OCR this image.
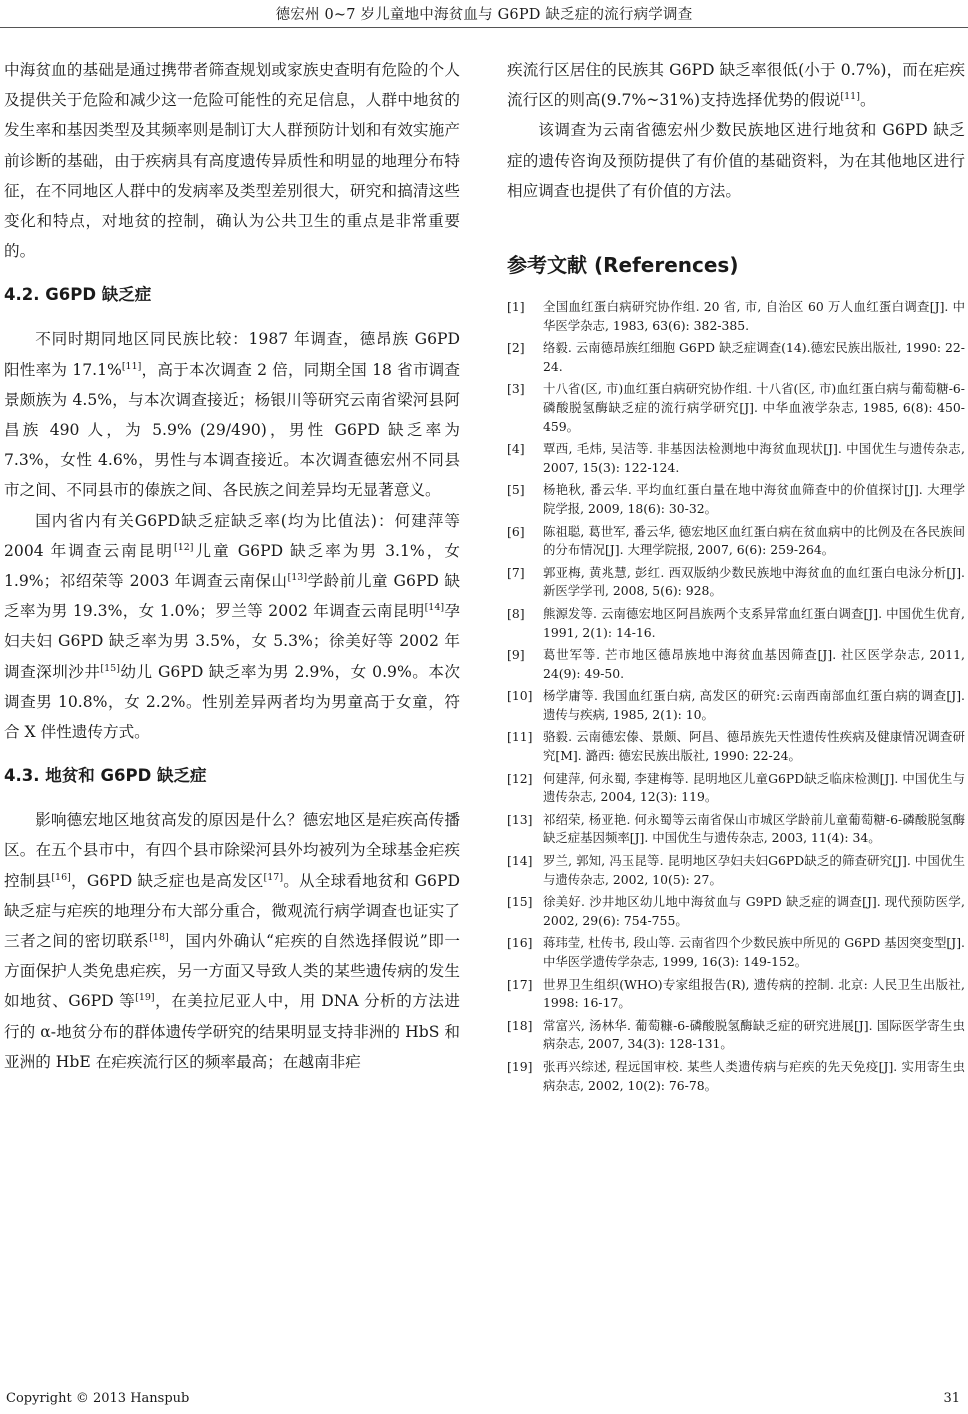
德宏州 0~7 岁儿童地中海贫血与 G6PD 缺乏症的流行病学调查

中海贫血的基础是通过携带者筛查规划或家族史查明有危险的个人及提供关于危险和减少这一危险可能性的充足信息，人群中地贫的发生率和基因类型及其频率则是制订大人群预防计划和有效实施产前诊断的基础，由于疾病具有高度遗传异质性和明显的地理分布特征，在不同地区人群中的发病率及类型差别很大，研究和搞清这些变化和特点，对地贫的控制，确认为公共卫生的重点是非常重要的。

4.2. G6PD 缺乏症

不同时期同地区同民族比较：1987 年调查，德昂族 G6PD 阳性率为 17.1%[11]，高于本次调查 2 倍，同期全国 18 省市调查景颇族为 4.5%，与本次调查接近；杨银川等研究云南省梁河县阿昌族 490 人，为 5.9% (29/490)，男性 G6PD 缺乏率为 7.3%，女性 4.6%，男性与本调查接近。本次调查德宏州不同县市之间、不同县市的傣族之间、各民族之间差异均无显著意义。

国内省内有关G6PD缺乏症缺乏率(均为比值法)：何建萍等 2004 年调查云南昆明[12]儿童 G6PD 缺乏率为男 3.1%，女 1.9%；祁绍荣等 2003 年调查云南保山[13]学龄前儿童 G6PD 缺乏率为男 19.3%，女 1.0%；罗兰等 2002 年调查云南昆明[14]孕妇夫妇 G6PD 缺乏率为男 3.5%，女 5.3%；徐美好等 2002 年调查深圳沙井[15]幼儿 G6PD 缺乏率为男 2.9%，女 0.9%。本次调查男 10.8%，女 2.2%。性别差异两者均为男童高于女童，符合 X 伴性遗传方式。

4.3. 地贫和 G6PD 缺乏症

影响德宏地区地贫高发的原因是什么？德宏地区是疟疾高传播区。在五个县市中，有四个县市除梁河县外均被列为全球基金疟疾控制县[16]，G6PD 缺乏症也是高发区[17]。从全球看地贫和 G6PD 缺乏症与疟疾的地理分布大部分重合，微观流行病学调查也证实了三者之间的密切联系[18]，国内外确认“疟疾的自然选择假说”即一方面保护人类免患疟疾，另一方面又导致人类的某些遗传病的发生如地贫、G6PD 等[19]，在美拉尼亚人中，用 DNA 分析的方法进行的 α-地贫分布的群体遗传学研究的结果明显支持非洲的 HbS 和亚洲的 HbE 在疟疾流行区的频率最高；在越南非疟

疾流行区居住的民族其 G6PD 缺乏率很低(小于 0.7%)，而在疟疾流行区的则高(9.7%~31%)支持选择优势的假说[11]。

该调查为云南省德宏州少数民族地区进行地贫和 G6PD 缺乏症的遗传咨询及预防提供了有价值的基础资料，为在其他地区进行相应调查也提供了有价值的方法。

参考文献 (References)
[1]	全国血红蛋白病研究协作组. 20 省, 市, 自治区 60 万人血红蛋白调查[J]. 中华医学杂志, 1983, 63(6): 382-385.
[2]	络毅. 云南德昂族红细胞 G6PD 缺乏症调查(14).德宏民族出版社, 1990: 22-24.
[3]	十八省(区, 市)血红蛋白病研究协作组. 十八省(区, 市)血红蛋白病与葡萄糖-6-磷酸脱氢酶缺乏症的流行病学研究[J]. 中华血液学杂志, 1985, 6(8): 450-459。
[4]	覃西, 毛炜, 吴洁等. 非基因法检测地中海贫血现状[J]. 中国优生与遗传杂志, 2007, 15(3): 122-124.
[5]	杨艳秋, 番云华. 平均血红蛋白量在地中海贫血筛查中的价值探讨[J]. 大理学院学报, 2009, 18(6): 30-32。
[6]	陈祖聪, 葛世军, 番云华, 德宏地区血红蛋白病在贫血病中的比例及在各民族间的分布情况[J]. 大理学院报, 2007, 6(6): 259-264。
[7]	郭亚梅, 黄兆慧, 彭红. 西双版纳少数民族地中海贫血的血红蛋白电泳分析[J]. 新医学学刊, 2008, 5(6): 928。
[8]	熊源发等. 云南德宏地区阿昌族两个支系异常血红蛋白调查[J]. 中国优生优育, 1991, 2(1): 14-16.
[9]	葛世军等. 芒市地区德昂族地中海贫血基因筛查[J]. 社区医学杂志, 2011, 24(9): 49-50.
[10] 杨学庸等. 我国血红蛋白病, 高发区的研究:云南西南部血红蛋白病的调查[J]. 遗传与疾病, 1985, 2(1): 10。
[11] 骆毅. 云南德宏傣、景颇、阿昌、德昂族先天性遗传性疾病及健康情况调查研究[M]. 潞西: 德宏民族出版社, 1990: 22-24。
[12] 何建萍, 何永蜀, 李建梅等. 昆明地区儿童G6PD缺乏临床检测[J]. 中国优生与遗传杂志, 2004, 12(3): 119。
[13] 祁绍荣, 杨亚艳. 何永蜀等云南省保山市城区学龄前儿童葡萄糖-6-磷酸脱氢酶缺乏症基因频率[J]. 中国优生与遗传杂志, 2003, 11(4): 34。
[14] 罗兰, 郭知, 冯玉昆等. 昆明地区孕妇夫妇G6PD缺乏的筛查研究[J]. 中国优生与遗传杂志, 2002, 10(5): 27。
[15] 徐美好. 沙井地区幼儿地中海贫血与 G9PD 缺乏症的调查[J]. 现代预防医学, 2002, 29(6): 754-755。
[16] 蒋玮莹, 杜传书, 段山等. 云南省四个少数民族中所见的 G6PD 基因突变型[J]. 中华医学遗传学杂志, 1999, 16(3): 149-152。
[17] 世界卫生组织(WHO)专家组报告(R), 遗传病的控制. 北京: 人民卫生出版社, 1998: 16-17。
[18] 常富兴, 汤林华. 葡萄糠-6-磷酸脱氢酶缺乏症的研究进展[J]. 国际医学寄生虫病杂志, 2007, 34(3): 128-131。
[19] 张再兴综述, 程远国审校. 某些人类遗传病与疟疾的先天免疫[J]. 实用寄生虫病杂志, 2002, 10(2): 76-78。
Copyright © 2013 Hanspub	31
